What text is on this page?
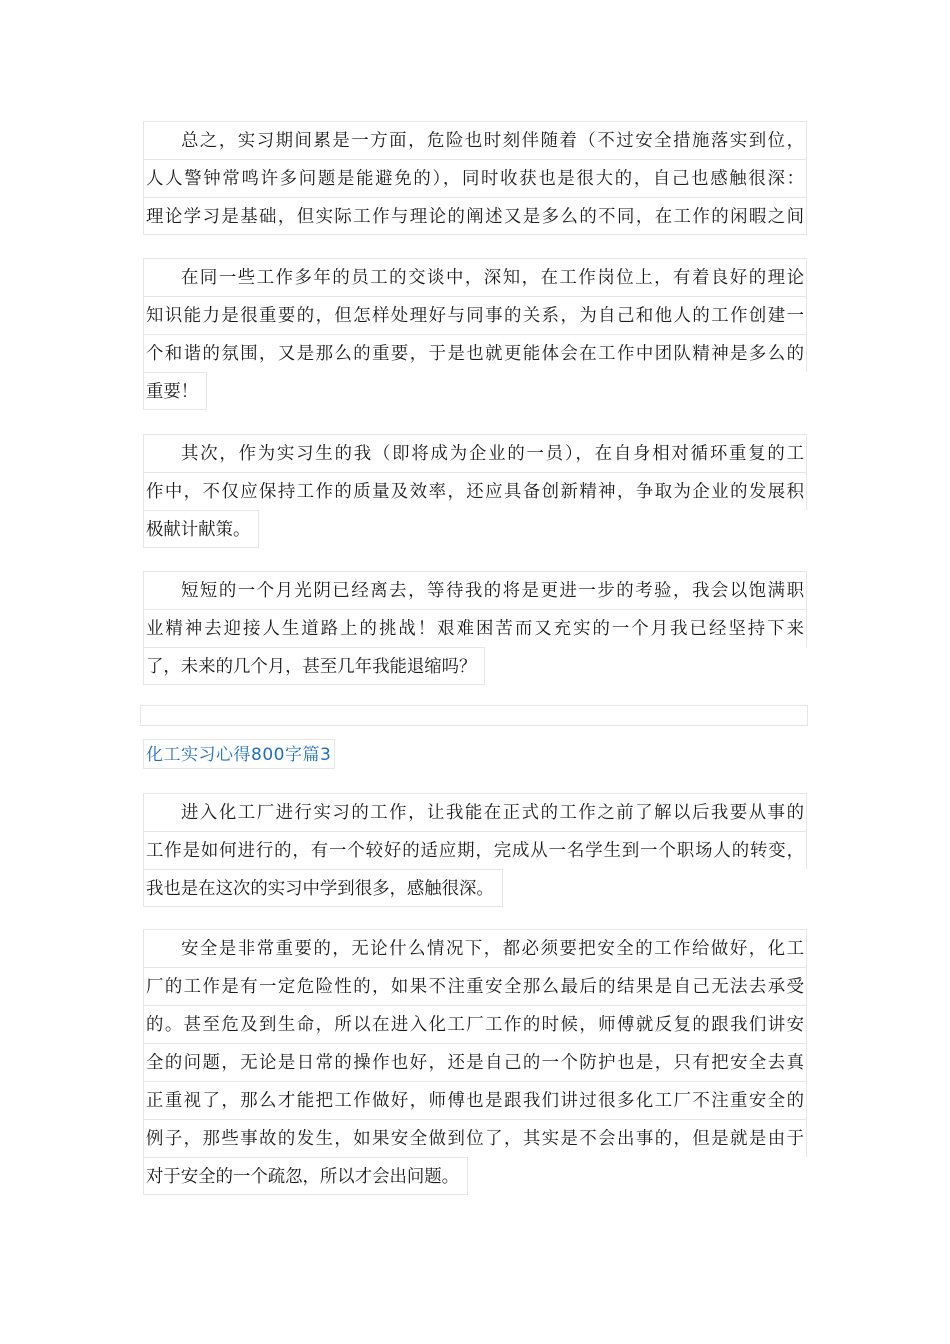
总之，实习期间累是一方面，危险也时刻伴随着（不过安全措施落实到位，
人人警钟常鸣许多问题是能避免的），同时收获也是很大的，自己也感触很深：
理论学习是基础，但实际工作与理论的阐述又是多么的不同，在工作的闲暇之间
在同一些工作多年的员工的交谈中，深知，在工作岗位上，有着良好的理论
知识能力是很重要的，但怎样处理好与同事的关系，为自己和他人的工作创建一
个和谐的氛围，又是那么的重要，于是也就更能体会在工作中团队精神是多么的
重要！
其次，作为实习生的我（即将成为企业的一员），在自身相对循环重复的工
作中，不仅应保持工作的质量及效率，还应具备创新精神，争取为企业的发展积
极献计献策。
短短的一个月光阴已经离去，等待我的将是更进一步的考验，我会以饱满职
业精神去迎接人生道路上的挑战！艰难困苦而又充实的一个月我已经坚持下来
了，未来的几个月，甚至几年我能退缩吗？
化工实习心得800字篇3
进入化工厂进行实习的工作，让我能在正式的工作之前了解以后我要从事的
工作是如何进行的，有一个较好的适应期，完成从一名学生到一个职场人的转变，
我也是在这次的实习中学到很多，感触很深。
安全是非常重要的，无论什么情况下，都必须要把安全的工作给做好，化工
厂的工作是有一定危险性的，如果不注重安全那么最后的结果是自己无法去承受
的。甚至危及到生命，所以在进入化工厂工作的时候，师傅就反复的跟我们讲安
全的问题，无论是日常的操作也好，还是自己的一个防护也是，只有把安全去真
正重视了，那么才能把工作做好，师傅也是跟我们讲过很多化工厂不注重安全的
例子，那些事故的发生，如果安全做到位了，其实是不会出事的，但是就是由于
对于安全的一个疏忽，所以才会出问题。
